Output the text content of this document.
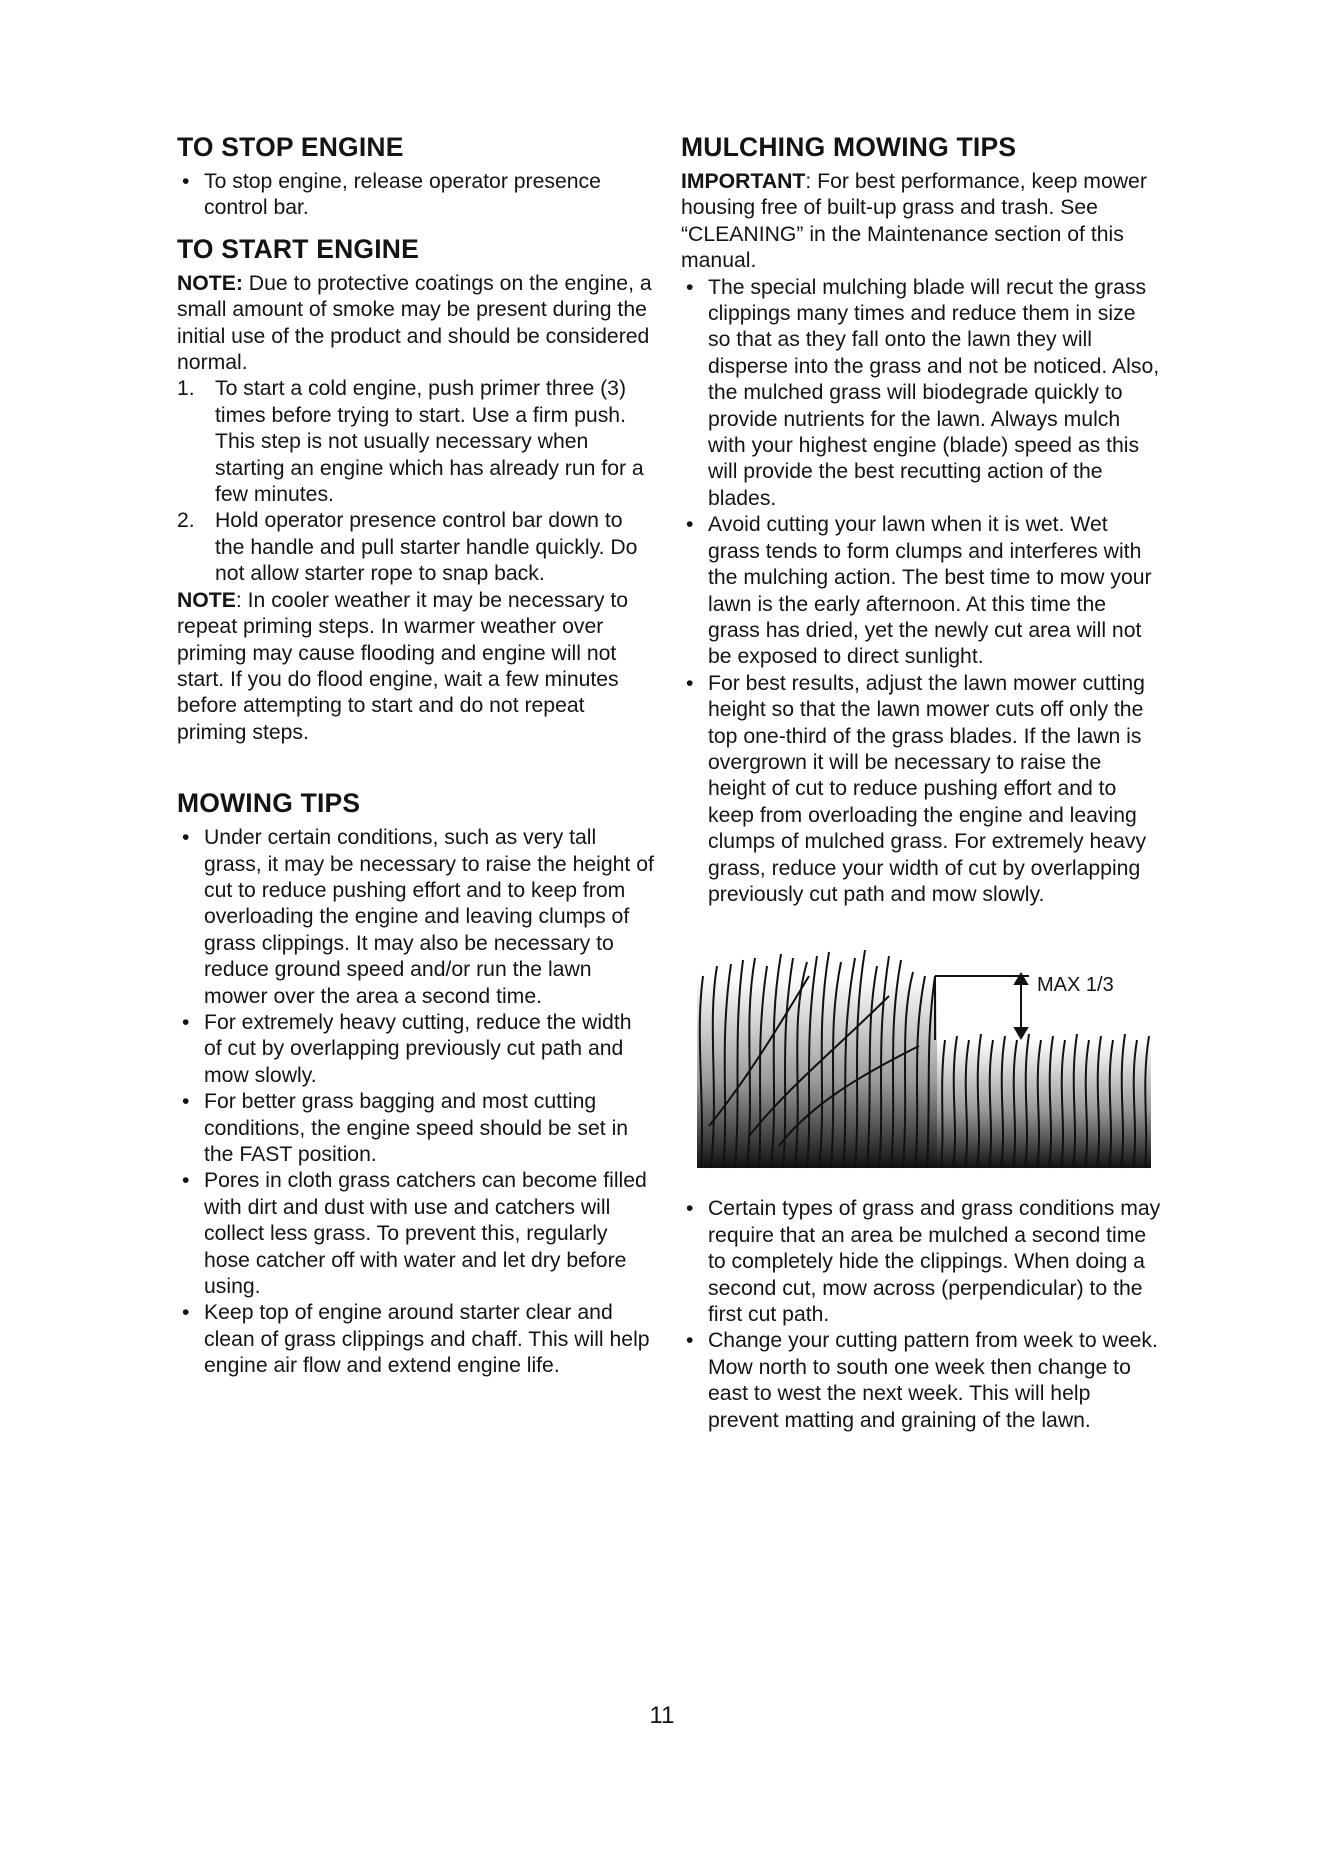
TO STOP ENGINE
• To stop engine, release operator presence control bar.
TO START ENGINE

NOTE: Due to protective coatings on the engine, a small amount of smoke may be present during the initial use of the product and should be considered normal.

1. To start a cold engine, push primer three (3) times before trying to start. Use a firm push. This step is not usually necessary when starting an engine which has already run for a few minutes.
2. Hold operator presence control bar down to the handle and pull starter handle quickly. Do not allow starter rope to snap back.

NOTE: In cooler weather it may be necessary to repeat priming steps. In warmer weather over priming may cause flooding and engine will not start. If you do flood engine, wait a few minutes before attempting to start and do not repeat priming steps.

MOWING TIPS
• Under certain conditions, such as very tall grass, it may be necessary to raise the height of cut to reduce pushing effort and to keep from overloading the engine and leaving clumps of grass clippings. It may also be necessary to reduce ground speed and/or run the lawn mower over the area a second time.
• For extremely heavy cutting, reduce the width of cut by overlapping previously cut path and mow slowly.
• For better grass bagging and most cutting conditions, the engine speed should be set in the FAST position.
• Pores in cloth grass catchers can become filled with dirt and dust with use and catchers will collect less grass. To prevent this, regularly hose catcher off with water and let dry before using.
• Keep top of engine around starter clear and clean of grass clippings and chaff. This will help engine air flow and extend engine life.
MULCHING MOWING TIPS

IMPORTANT: For best performance, keep mower housing free of built-up grass and trash. See “CLEANING” in the Maintenance section of this manual.

• The special mulching blade will recut the grass clippings many times and reduce them in size so that as they fall onto the lawn they will disperse into the grass and not be noticed. Also, the mulched grass will biodegrade quickly to provide nutrients for the lawn. Always mulch with your highest engine (blade) speed as this will provide the best recutting action of the blades.
• Avoid cutting your lawn when it is wet. Wet grass tends to form clumps and interferes with the mulching action. The best time to mow your lawn is the early afternoon. At this time the grass has dried, yet the newly cut area will not be exposed to direct sunlight.
• For best results, adjust the lawn mower cutting height so that the lawn mower cuts off only the top one-third of the grass blades. If the lawn is overgrown it will be necessary to raise the height of cut to reduce pushing effort and to keep from overloading the engine and leaving clumps of mulched grass. For extremely heavy grass, reduce your width of cut by overlapping previously cut path and mow slowly.
MAX 1/3
• Certain types of grass and grass conditions may require that an area be mulched a second time to completely hide the clippings. When doing a second cut, mow across (perpendicular) to the first cut path.
• Change your cutting pattern from week to week. Mow north to south one week then change to east to west the next week. This will help prevent matting and graining of the lawn.
11
